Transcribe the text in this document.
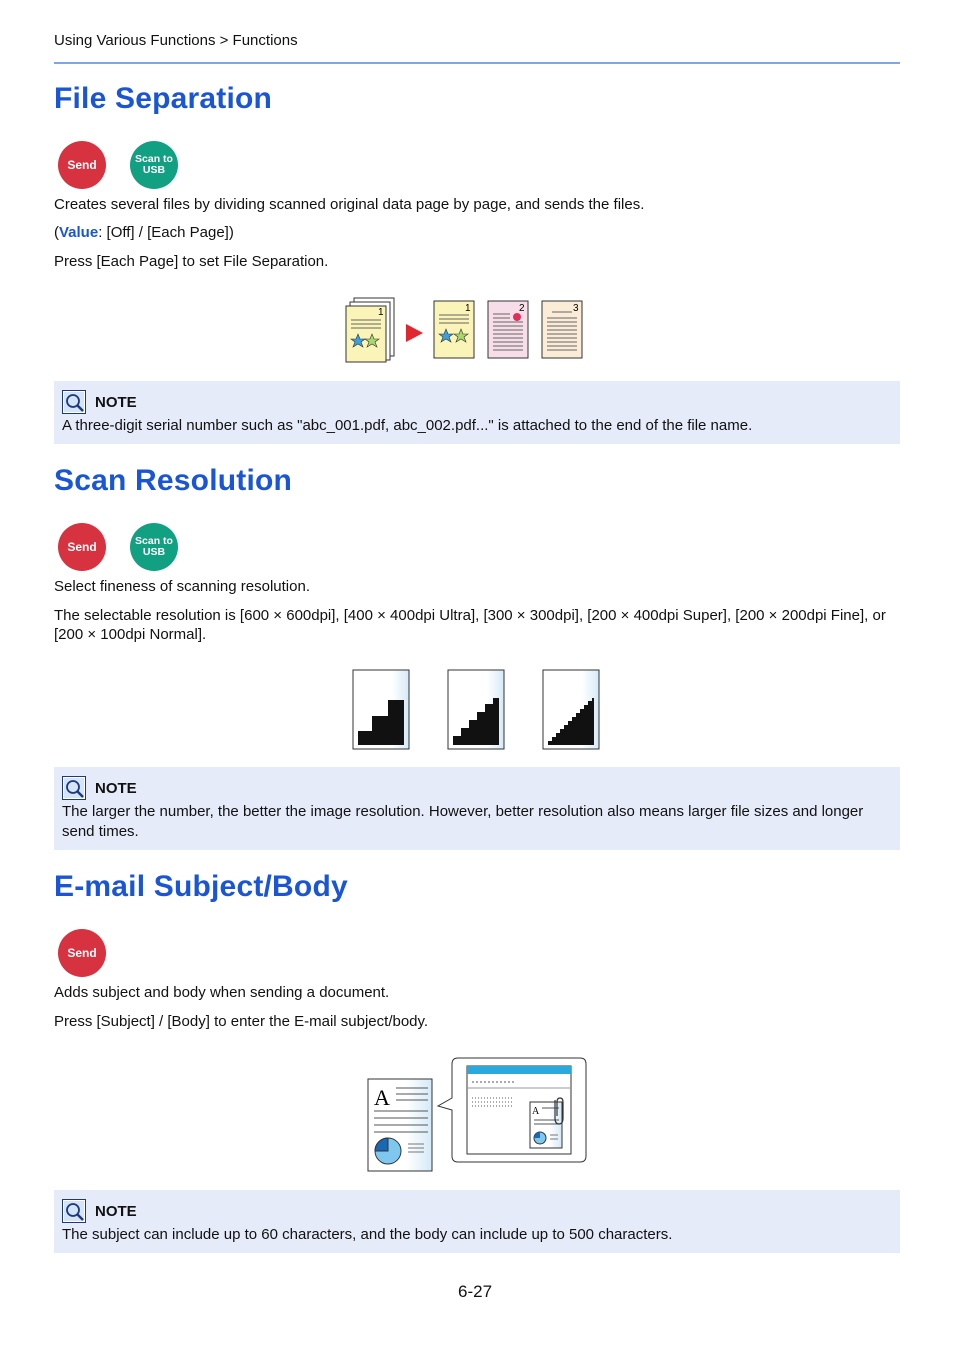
Using Various Functions > Functions
File Separation
Send	Scan to
USB
Creates several files by dividing scanned original data page by page, and sends the files.
(Value: [Off] / [Each Page])
Press [Each Page] to set File Separation.
1	1	2	3
NOTE
A three-digit serial number such as "abc_001.pdf, abc_002.pdf..." is attached to the end of the file name.
Scan Resolution
Send	Scan to
USB
Select fineness of scanning resolution.
The selectable resolution is [600 × 600dpi], [400 × 400dpi Ultra], [300 × 300dpi], [200 × 400dpi Super], [200 × 200dpi Fine], or [200 × 100dpi Normal].
NOTE
The larger the number, the better the image resolution. However, better resolution also means larger file sizes and longer send times.
E-mail Subject/Body
Send
Adds subject and body when sending a document.
Press [Subject] / [Body] to enter the E-mail subject/body.
A
A
NOTE
The subject can include up to 60 characters, and the body can include up to 500 characters.
6-27
